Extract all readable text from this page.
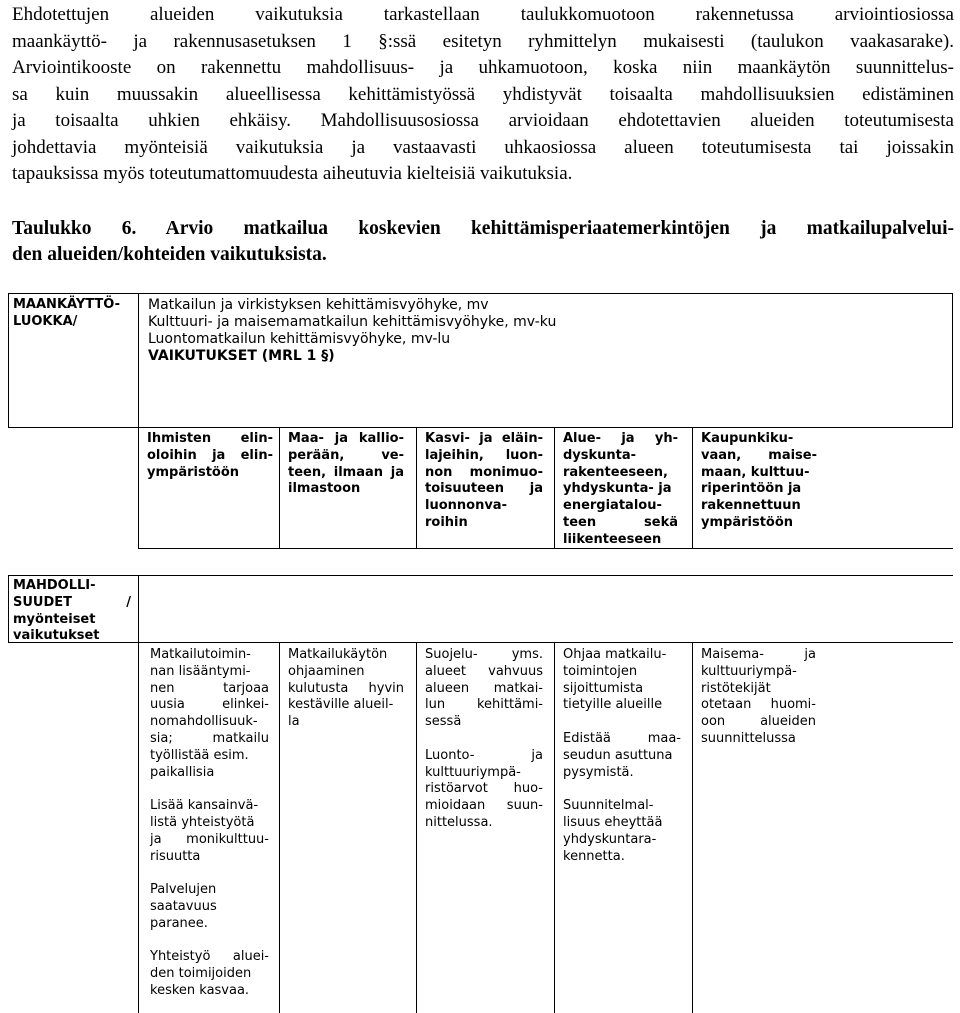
Ehdotettujen alueiden vaikutuksia tarkastellaan taulukkomuotoon rakennetussa arviointiosiossa
maankäyttö- ja rakennusasetuksen 1 §:ssä esitetyn ryhmittelyn mukaisesti (taulukon vaakasarake).
Arviointikooste on rakennettu mahdollisuus- ja uhkamuotoon, koska niin maankäytön suunnittelus-
sa kuin muussakin alueellisessa kehittämistyössä yhdistyvät toisaalta mahdollisuuksien edistäminen
ja toisaalta uhkien ehkäisy. Mahdollisuusosiossa arvioidaan ehdotettavien alueiden toteutumisesta
johdettavia myönteisiä vaikutuksia ja vastaavasti uhkaosiossa alueen toteutumisesta tai joissakin
tapauksissa myös toteutumattomuudesta aiheutuvia kielteisiä vaikutuksia.
Taulukko 6. Arvio matkailua koskevien kehittämisperiaatemerkintöjen ja matkailupalvelui-
den alueiden/kohteiden vaikutuksista.
MAANKÄYTTÖ-
LUOKKA/
Matkailun ja virkistyksen kehittämisvyöhyke, mv
Kulttuuri- ja maisemamatkailun kehittämisvyöhyke, mv-ku
Luontomatkailun kehittämisvyöhyke, mv-lu
VAIKUTUKSET (MRL 1 §)
Ihmisten elin-
oloihin ja elin-
ympäristöön
Maa- ja kallio-
perään, ve-
teen, ilmaan ja
ilmastoon
Kasvi- ja eläin-
lajeihin, luon-
non monimuo-
toisuuteen ja
luonnonva-
roihin
Alue- ja yh-
dyskunta-
rakenteeseen,
yhdyskunta- ja
energiatalou-
teen sekä
liikenteeseen
Kaupunkiku-
vaan, maise-
maan, kulttuu-
riperintöön ja
rakennettuun
ympäristöön
MAHDOLLI-
SUUDET /
myönteiset
vaikutukset
Matkailutoimin-
nan lisääntymi-
nen tarjoaa
uusia elinkei-
nomahdollisuuk-
sia; matkailu
työllistää esim.
paikallisia

Lisää kansainvä-
listä yhteistyötä
ja monikulttuu-
risuutta

Palvelujen
saatavuus
paranee.

Yhteistyö aluei-
den toimijoiden
kesken kasvaa.
Matkailukäytön
ohjaaminen
kulutusta hyvin
kestäville alueil-
la
Suojelu- yms.
alueet vahvuus
alueen matkai-
lun kehittämi-
sessä

Luonto- ja
kulttuuriympä-
ristöarvot huo-
mioidaan suun-
nittelussa.
Ohjaa matkailu-
toimintojen
sijoittumista
tietyille alueille

Edistää maa-
seudun asuttuna
pysymistä.

Suunnitelmal-
lisuus eheyttää
yhdyskuntara-
kennetta.
Maisema- ja
kulttuuriympä-
ristötekijät
otetaan huomi-
oon alueiden
suunnittelussa
